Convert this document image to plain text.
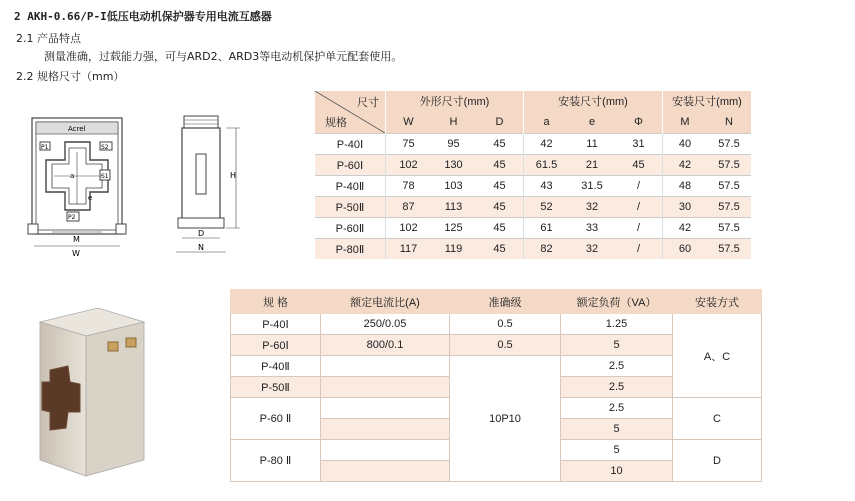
2 AKH-0.66/P-I低压电动机保护器专用电流互感器
2.1 产品特点
测量准确，过载能力强，可与ARD2、ARD3等电动机保护单元配套使用。
2.2 规格尺寸（mm）
Acrel
P1	S2
S1
P2
a
e
M
W
H
D
N
尺寸
规格	外形尺寸(mm)			安装尺寸(mm)			安装尺寸(mm)	
	W	H	D	a	e	Φ	M	N
P-40Ⅰ	75	95	45	42	11	31	40	57.5
P-60Ⅰ	102	130	45	61.5	21	45	42	57.5
P-40Ⅱ	78	103	45	43	31.5	/	48	57.5
P-50Ⅱ	87	113	45	52	32	/	30	57.5
P-60Ⅱ	102	125	45	61	33	/	42	57.5
P-80Ⅱ	117	119	45	82	32	/	60	57.5
规 格	额定电流比(A)	准确级	额定负荷（VA）	安装方式
P-40Ⅰ	250/0.05	0.5	1.25	A、C
P-60Ⅰ	800/0.1	0.5	5	
P-40Ⅱ		10P10	2.5	
P-50Ⅱ			2.5	
P-60 Ⅱ			2.5	C
			5	
P-80 Ⅱ			5	D
			10	
